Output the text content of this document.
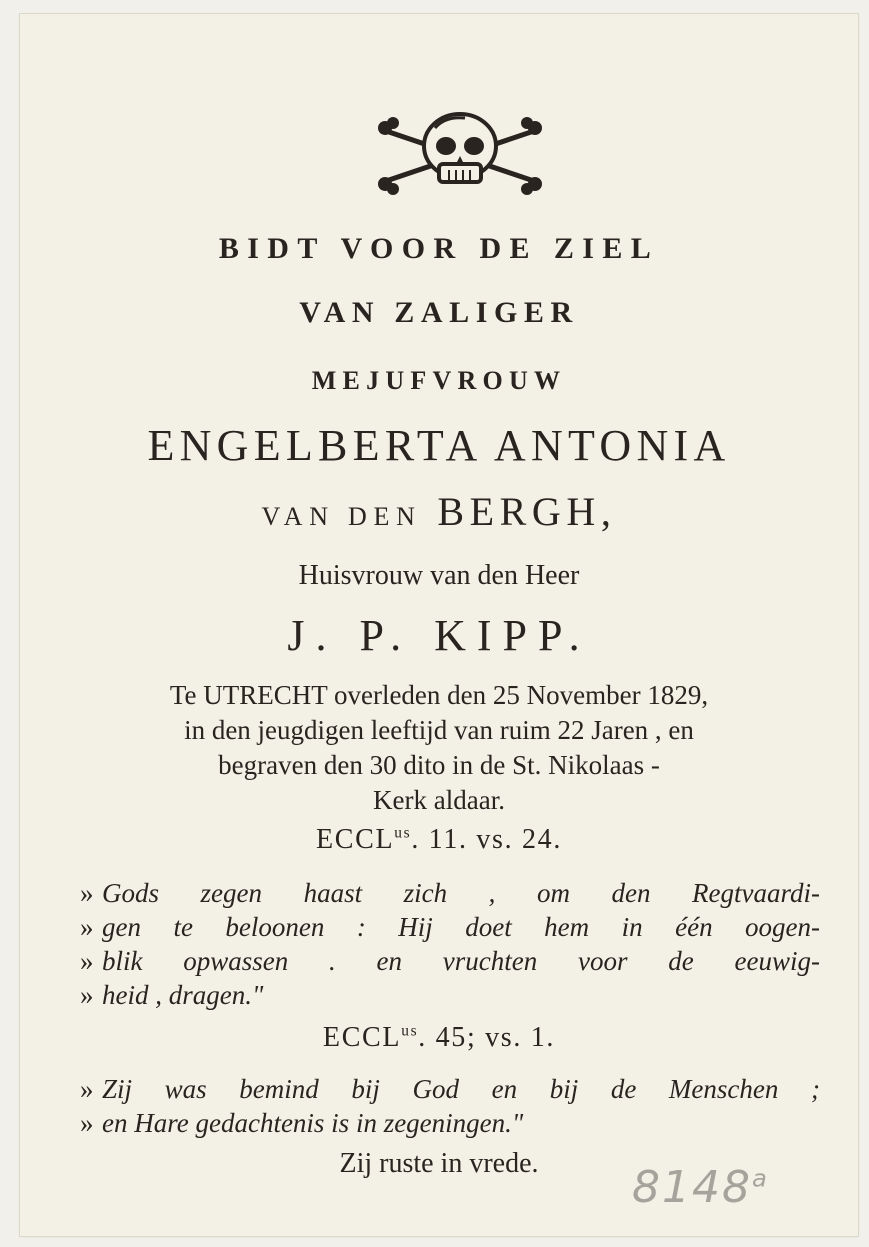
BIDT VOOR DE ZIEL
VAN ZALIGER
MEJUFVROUW
ENGELBERTA ANTONIA
VAN DEN BERGH,
Huisvrouw van den Heer
J. P. KIPP.
Te UTRECHT overleden den 25 November 1829,
in den jeugdigen leeftijd van ruim 22 Jaren , en
begraven den 30 dito in de St. Nikolaas -
Kerk aldaar.
$ECCL^{us}$. 11. vs. 24.
» Gods zegen haast zich , om den Regtvaardi-
» gen te beloonen : Hij doet hem in één oogen-
» blik opwassen . en vruchten voor de eeuwig-
» heid , dragen."
$ECCL^{us}$. 45; vs. 1.
» Zij was bemind bij God en bij de Menschen ;
» en Hare gedachtenis is in zegeningen."
Zij ruste in vrede.	8148$^a$
